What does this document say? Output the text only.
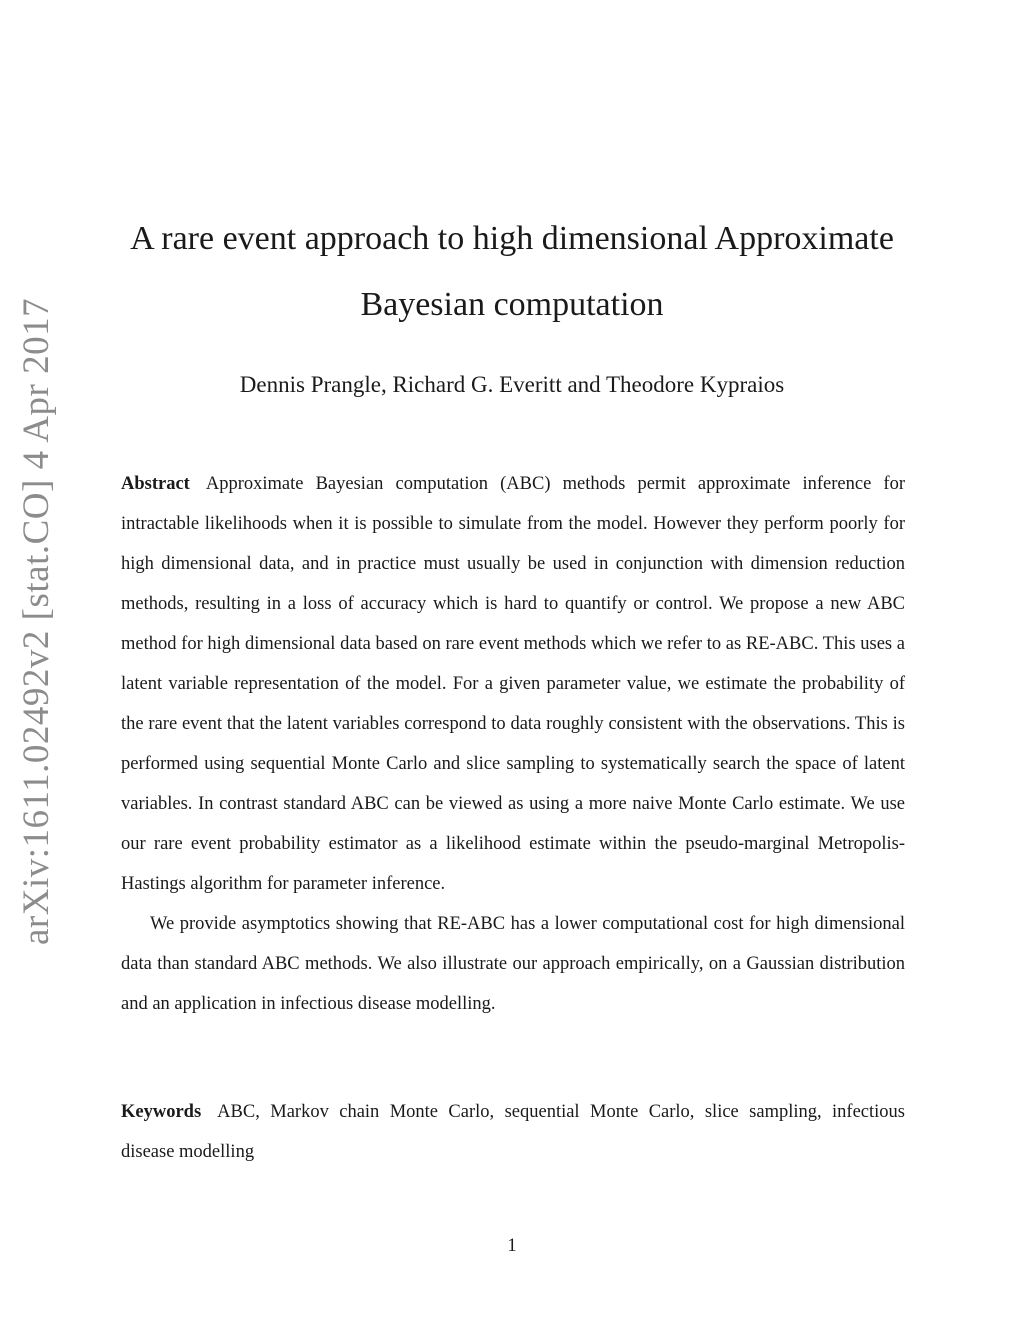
arXiv:1611.02492v2 [stat.CO] 4 Apr 2017
A rare event approach to high dimensional Approximate Bayesian computation
Dennis Prangle, Richard G. Everitt and Theodore Kypraios

Abstract Approximate Bayesian computation (ABC) methods permit approximate inference for intractable likelihoods when it is possible to simulate from the model. However they perform poorly for high dimensional data, and in practice must usually be used in conjunction with dimension reduction methods, resulting in a loss of accuracy which is hard to quantify or control. We propose a new ABC method for high dimensional data based on rare event methods which we refer to as RE-ABC. This uses a latent variable representation of the model. For a given parameter value, we estimate the probability of the rare event that the latent variables correspond to data roughly consistent with the observations. This is performed using sequential Monte Carlo and slice sampling to systematically search the space of latent variables. In contrast standard ABC can be viewed as using a more naive Monte Carlo estimate. We use our rare event probability estimator as a likelihood estimate within the pseudo-marginal Metropolis-Hastings algorithm for parameter inference.

We provide asymptotics showing that RE-ABC has a lower computational cost for high dimensional data than standard ABC methods. We also illustrate our approach empirically, on a Gaussian distribution and an application in infectious disease modelling.

Keywords ABC, Markov chain Monte Carlo, sequential Monte Carlo, slice sampling, infectious disease modelling
1
